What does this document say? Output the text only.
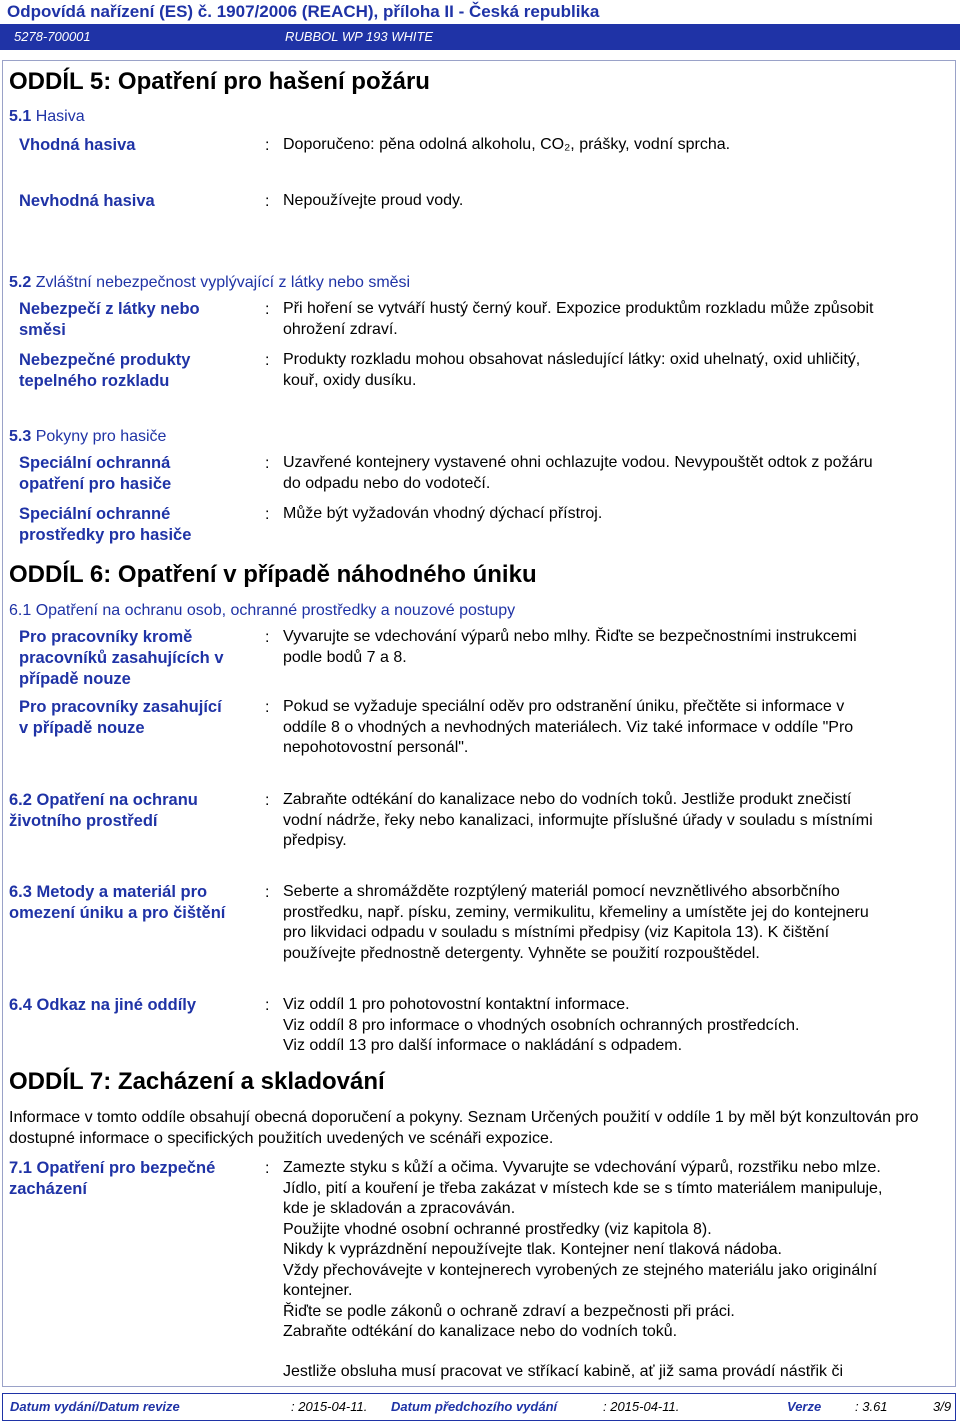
Odpovídá nařízení (ES) č. 1907/2006 (REACH), příloha II - Česká republika
5278-700001	RUBBOL WP 193 WHITE
ODDÍL 5: Opatření pro hašení požáru
5.1 Hasiva
Vhodná hasiva	: Doporučeno: pěna odolná alkoholu, CO₂, prášky, vodní sprcha.
Nevhodná hasiva	: Nepoužívejte proud vody.
5.2 Zvláštní nebezpečnost vyplývající z látky nebo směsi
Nebezpečí z látky nebo
směsi
: Při hoření se vytváří hustý černý kouř. Expozice produktům rozkladu může způsobit
ohrožení zdraví.
Nebezpečné produkty
tepelného rozkladu
: Produkty rozkladu mohou obsahovat následující látky: oxid uhelnatý, oxid uhličitý,
kouř, oxidy dusíku.
5.3 Pokyny pro hasiče
Speciální ochranná
opatření pro hasiče
: Uzavřené kontejnery vystavené ohni ochlazujte vodou. Nevypouštět odtok z požáru
do odpadu nebo do vodotečí.
Speciální ochranné
prostředky pro hasiče
: Může být vyžadován vhodný dýchací přístroj.
ODDÍL 6: Opatření v případě náhodného úniku
6.1 Opatření na ochranu osob, ochranné prostředky a nouzové postupy
Pro pracovníky kromě
pracovníků zasahujících v
případě nouze
: Vyvarujte se vdechování výparů nebo mlhy. Řiďte se bezpečnostními instrukcemi
podle bodů 7 a 8.
Pro pracovníky zasahující
v případě nouze
: Pokud se vyžaduje speciální oděv pro odstranění úniku, přečtěte si informace v
oddíle 8 o vhodných a nevhodných materiálech. Viz také informace v oddíle "Pro
nepohotovostní personál".
6.2 Opatření na ochranu
životního prostředí
: Zabraňte odtékání do kanalizace nebo do vodních toků. Jestliže produkt znečistí
vodní nádrže, řeky nebo kanalizaci, informujte příslušné úřady v souladu s místními
předpisy.
6.3 Metody a materiál pro
omezení úniku a pro čištění
: Seberte a shromážděte rozptýlený materiál pomocí nevznětlivého absorbčního
prostředku, např. písku, zeminy, vermikulitu, křemeliny a umístěte jej do kontejneru
pro likvidaci odpadu v souladu s místními předpisy (viz Kapitola 13). K čištění
používejte přednostně detergenty. Vyhněte se použití rozpouštědel.
6.4 Odkaz na jiné oddíly	: Viz oddíl 1 pro pohotovostní kontaktní informace.
Viz oddíl 8 pro informace o vhodných osobních ochranných prostředcích.
Viz oddíl 13 pro další informace o nakládání s odpadem.
ODDÍL 7: Zacházení a skladování
Informace v tomto oddíle obsahují obecná doporučení a pokyny. Seznam Určených použití v oddíle 1 by měl být konzultován pro dostupné informace o specifických použitích uvedených ve scénáři expozice.
7.1 Opatření pro bezpečné
zacházení
: Zamezte styku s kůží a očima. Vyvarujte se vdechování výparů, rozstřiku nebo mlze.
Jídlo, pití a kouření je třeba zakázat v místech kde se s tímto materiálem manipuluje,
kde je skladován a zpracováván.
Použijte vhodné osobní ochranné prostředky (viz kapitola 8).
Nikdy k vyprázdnění nepoužívejte tlak. Kontejner není tlaková nádoba.
Vždy přechovávejte v kontejnerech vyrobených ze stejného materiálu jako originální
kontejner.
Řiďte se podle zákonů o ochraně zdraví a bezpečnosti při práci.
Zabraňte odtékání do kanalizace nebo do vodních toků.
Jestliže obsluha musí pracovat ve stříkací kabině, ať již sama provádí nástřik či
Datum vydání/Datum revize	: 2015-04-11. Datum předchozího vydání	: 2015-04-11.	Verze	: 3.61	3/9
